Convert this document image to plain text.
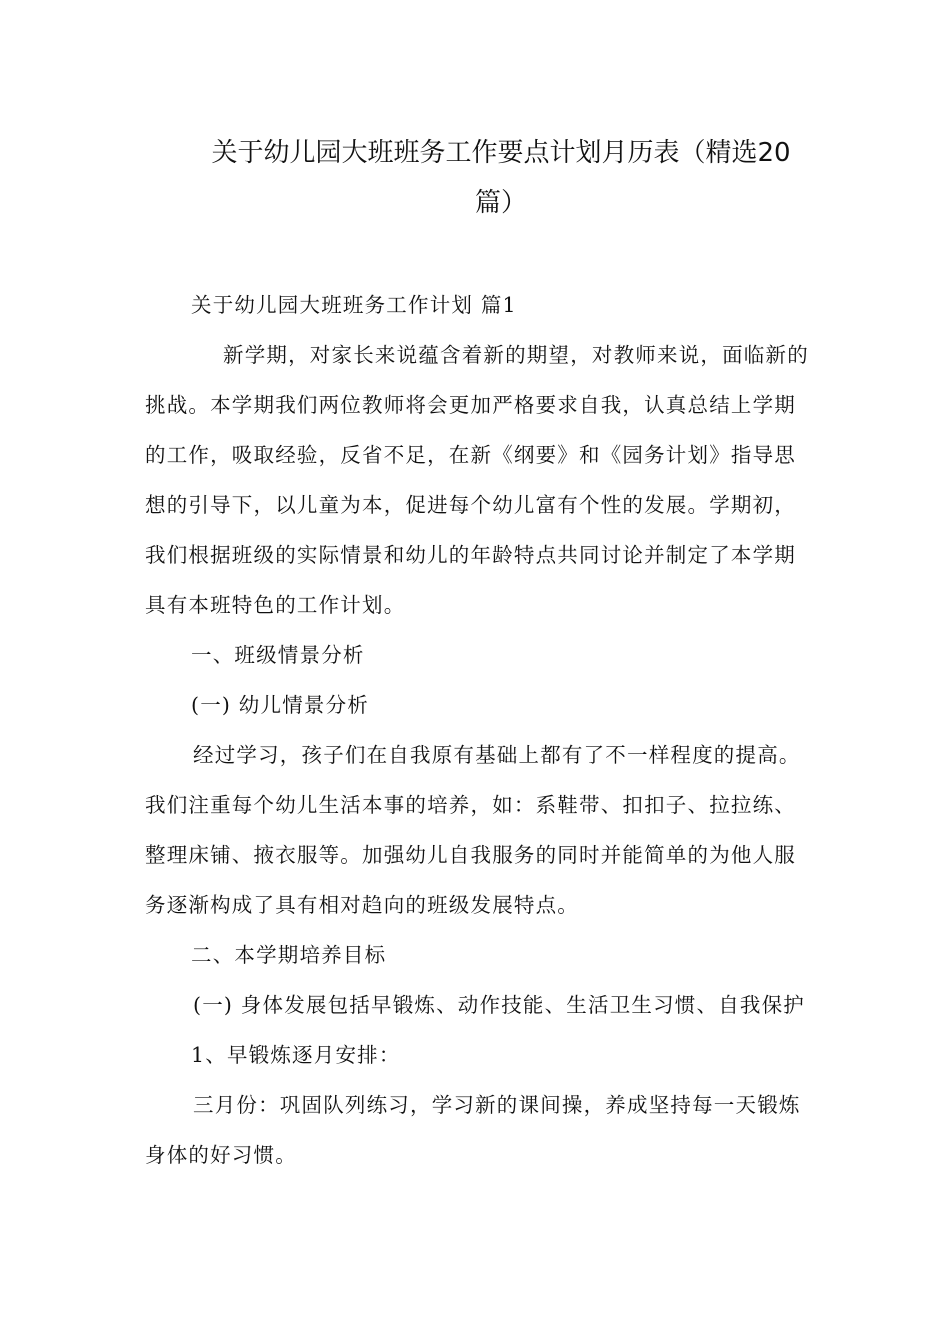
关于幼儿园大班班务工作要点计划月历表（精选20
篇）

关于幼儿园大班班务工作计划 篇1

新学期，对家长来说蕴含着新的期望，对教师来说，面临新的挑战。本学期我们两位教师将会更加严格要求自我，认真总结上学期的工作，吸取经验，反省不足，在新《纲要》和《园务计划》指导思想的引导下，以儿童为本，促进每个幼儿富有个性的发展。学期初，我们根据班级的实际情景和幼儿的年龄特点共同讨论并制定了本学期具有本班特色的工作计划。

一、班级情景分析

(一) 幼儿情景分析

经过学习，孩子们在自我原有基础上都有了不一样程度的提高。我们注重每个幼儿生活本事的培养，如：系鞋带、扣扣子、拉拉练、整理床铺、掖衣服等。加强幼儿自我服务的同时并能简单的为他人服务逐渐构成了具有相对趋向的班级发展特点。

二、本学期培养目标

(一) 身体发展包括早锻炼、动作技能、生活卫生习惯、自我保护

1、早锻炼逐月安排：

三月份：巩固队列练习，学习新的课间操，养成坚持每一天锻炼身体的好习惯。
